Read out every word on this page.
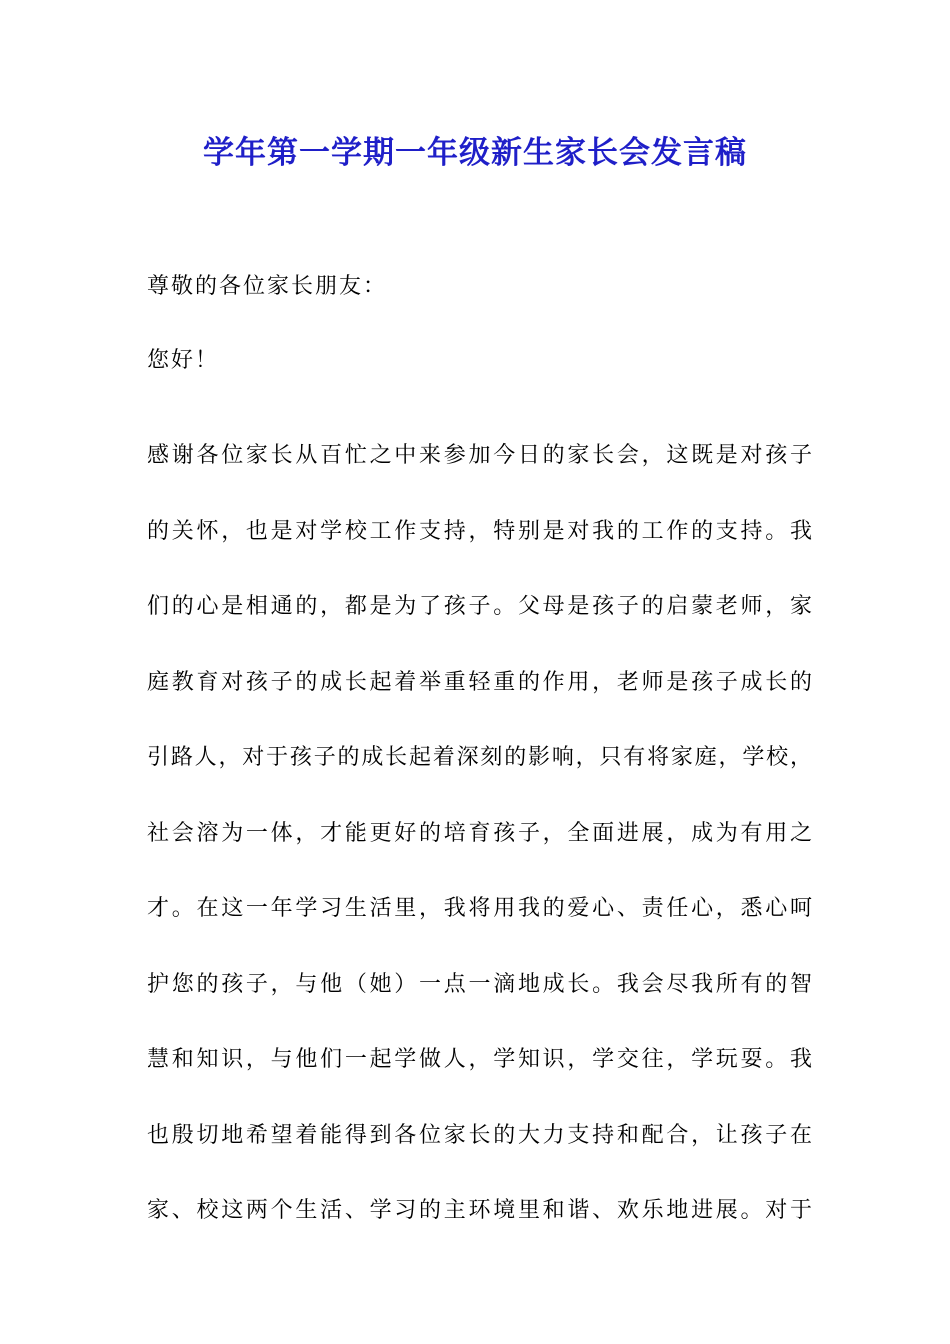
学年第一学期一年级新生家长会发言稿

尊敬的各位家长朋友：

您好！

感谢各位家长从百忙之中来参加今日的家长会，这既是对孩子
的关怀，也是对学校工作支持，特别是对我的工作的支持。我
们的心是相通的，都是为了孩子。父母是孩子的启蒙老师，家
庭教育对孩子的成长起着举重轻重的作用，老师是孩子成长的
引路人，对于孩子的成长起着深刻的影响，只有将家庭，学校，
社会溶为一体，才能更好的培育孩子，全面进展，成为有用之
才。在这一年学习生活里，我将用我的爱心、责任心，悉心呵
护您的孩子，与他（她）一点一滴地成长。我会尽我所有的智
慧和知识，与他们一起学做人，学知识，学交往，学玩耍。我
也殷切地希望着能得到各位家长的大力支持和配合，让孩子在
家、校这两个生活、学习的主环境里和谐、欢乐地进展。对于
